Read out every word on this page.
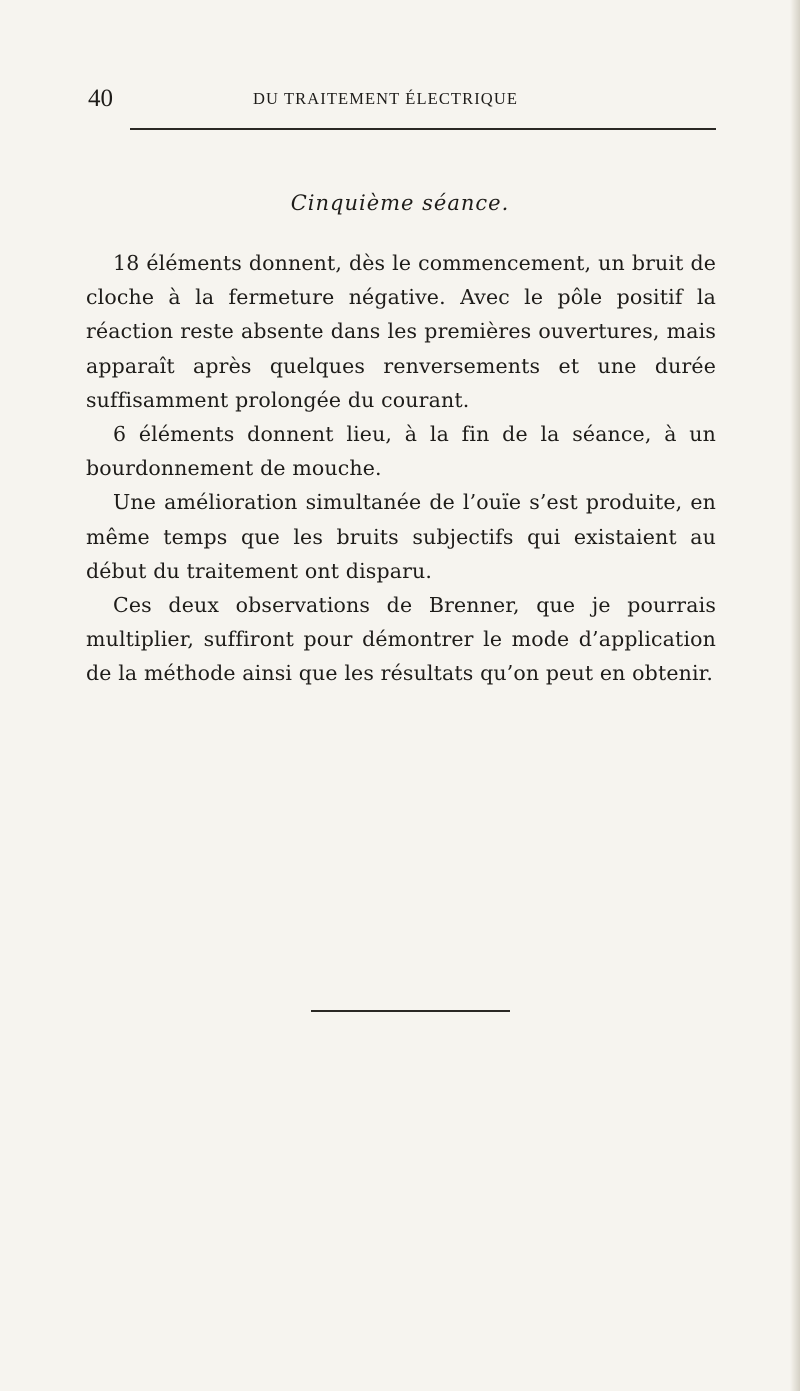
40	DU TRAITEMENT ÉLECTRIQUE
Cinquième séance.

18 éléments donnent, dès le commencement, un bruit de cloche à la fermeture négative. Avec le pôle positif la réaction reste absente dans les premières ouvertures, mais apparaît après quelques renversements et une durée suffisamment prolongée du courant.

6 éléments donnent lieu, à la fin de la séance, à un bourdonnement de mouche.

Une amélioration simultanée de l’ouïe s’est produite, en même temps que les bruits subjectifs qui existaient au début du traitement ont disparu.

Ces deux observations de Brenner, que je pourrais multiplier, suffiront pour démontrer le mode d’application de la méthode ainsi que les résultats qu’on peut en obtenir.
